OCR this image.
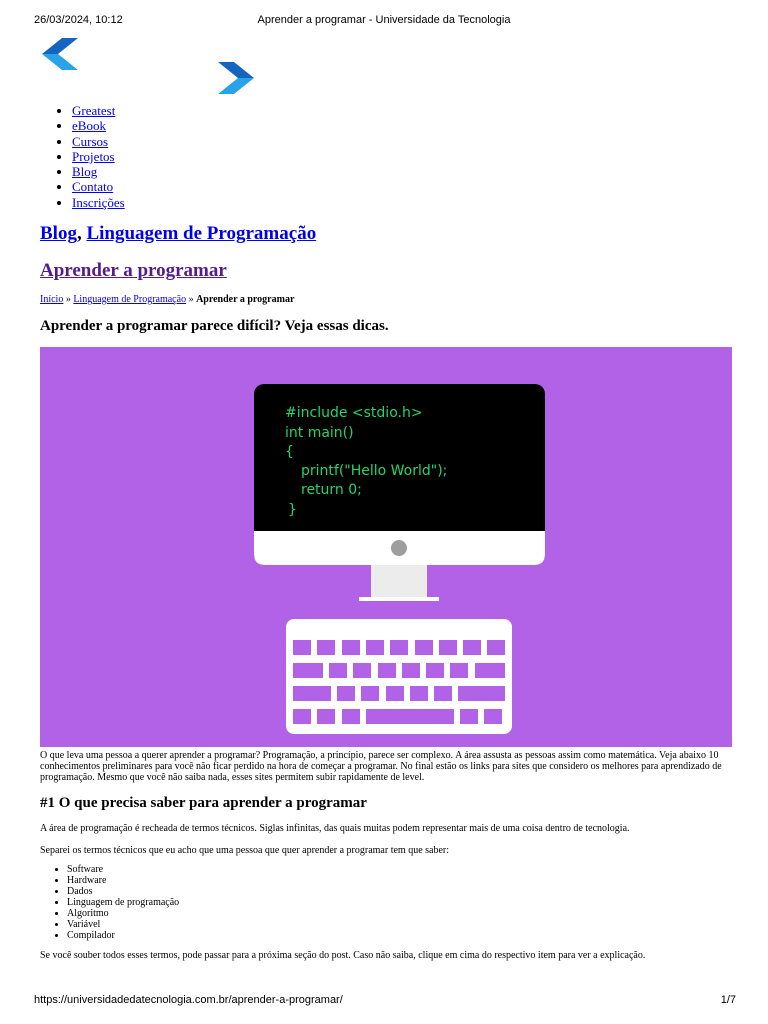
26/03/2024, 10:12	Aprender a programar - Universidade da Tecnologia
• Greatest
• eBook
• Cursos
• Projetos
• Blog
• Contato
• Inscrições
Blog, Linguagem de Programação
Aprender a programar
Início » Linguagem de Programação » Aprender a programar
Aprender a programar parece difícil? Veja essas dicas.
#include <stdio.h>
int main()
{
printf("Hello World");
return 0;
}

O que leva uma pessoa a querer aprender a programar? Programação, a princípio, parece ser complexo. A área assusta as pessoas assim como matemática. Veja abaixo 10 conhecimentos preliminares para você não ficar perdido na hora de começar a programar. No final estão os links para sites que considero os melhores para aprendizado de programação. Mesmo que você não saiba nada, esses sites permitem subir rapidamente de level.

#1 O que precisa saber para aprender a programar

A área de programação é recheada de termos técnicos. Siglas infinitas, das quais muitas podem representar mais de uma coisa dentro de tecnologia.

Separei os termos técnicos que eu acho que uma pessoa que quer aprender a programar tem que saber:

• Software
• Hardware
• Dados
• Linguagem de programação
• Algoritmo
• Variável
• Compilador

Se você souber todos esses termos, pode passar para a próxima seção do post. Caso não saiba, clique em cima do respectivo item para ver a explicação.

https://universidadedatecnologia.com.br/aprender-a-programar/	1/7
